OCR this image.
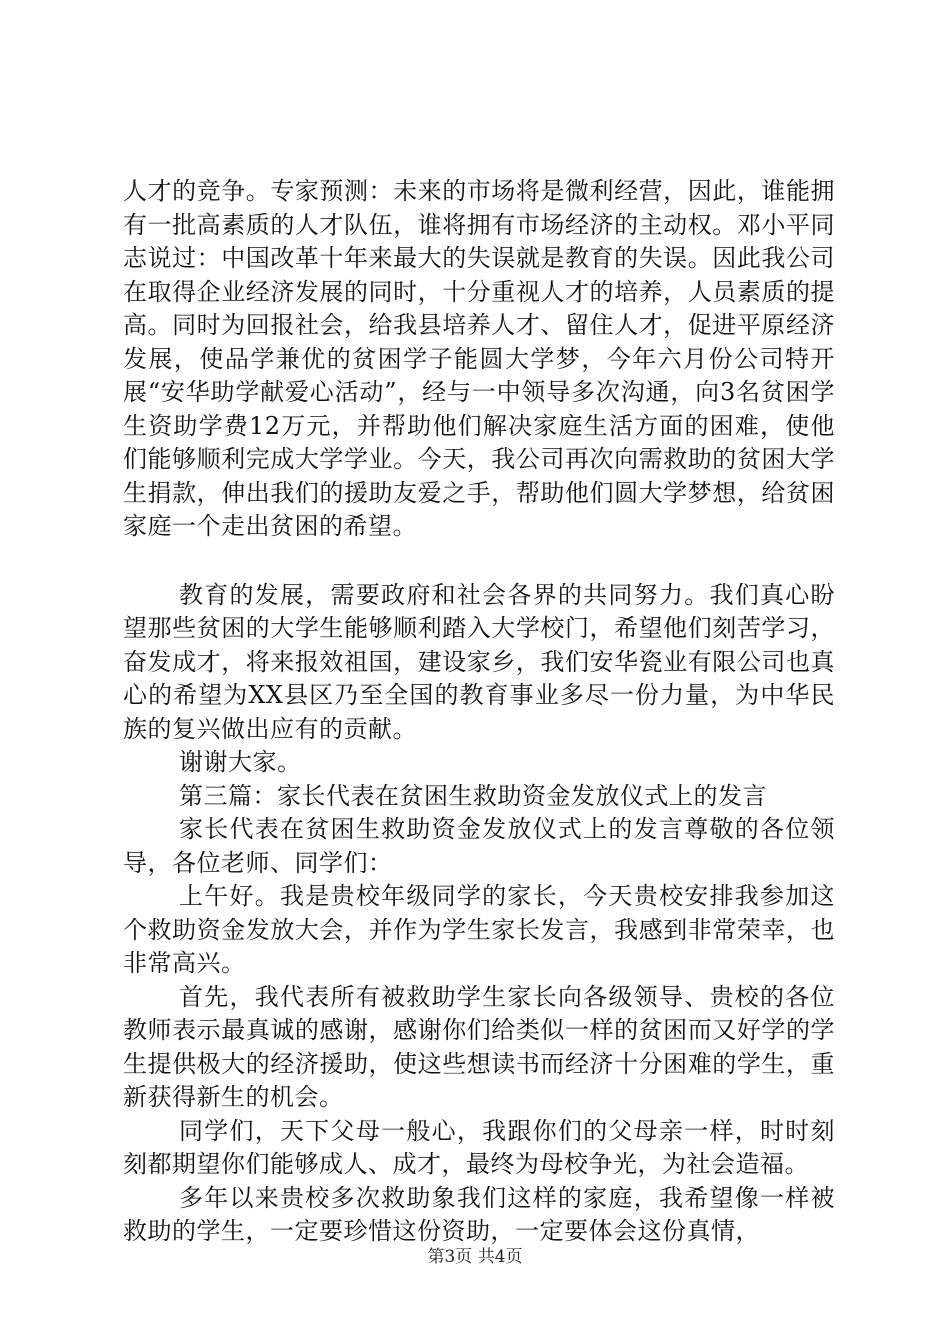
人才的竞争。专家预测：未来的市场将是微利经营，因此，谁能拥有一批高素质的人才队伍，谁将拥有市场经济的主动权。邓小平同志说过：中国改革十年来最大的失误就是教育的失误。因此我公司在取得企业经济发展的同时，十分重视人才的培养，人员素质的提高。同时为回报社会，给我县培养人才、留住人才，促进平原经济发展，使品学兼优的贫困学子能圆大学梦，今年六月份公司特开展“安华助学献爱心活动”，经与一中领导多次沟通，向3名贫困学生资助学费12万元，并帮助他们解决家庭生活方面的困难，使他们能够顺利完成大学学业。今天，我公司再次向需救助的贫困大学生捐款，伸出我们的援助友爱之手，帮助他们圆大学梦想，给贫困家庭一个走出贫困的希望。

教育的发展，需要政府和社会各界的共同努力。我们真心盼望那些贫困的大学生能够顺利踏入大学校门，希望他们刻苦学习，奋发成才，将来报效祖国，建设家乡，我们安华瓷业有限公司也真心的希望为XX县区乃至全国的教育事业多尽一份力量，为中华民族的复兴做出应有的贡献。

谢谢大家。

第三篇：家长代表在贫困生救助资金发放仪式上的发言

家长代表在贫困生救助资金发放仪式上的发言尊敬的各位领导，各位老师、同学们：

上午好。我是贵校年级同学的家长，今天贵校安排我参加这个救助资金发放大会，并作为学生家长发言，我感到非常荣幸，也非常高兴。

首先，我代表所有被救助学生家长向各级领导、贵校的各位教师表示最真诚的感谢，感谢你们给类似一样的贫困而又好学的学生提供极大的经济援助，使这些想读书而经济十分困难的学生，重新获得新生的机会。

同学们，天下父母一般心，我跟你们的父母亲一样，时时刻刻都期望你们能够成人、成才，最终为母校争光，为社会造福。

多年以来贵校多次救助象我们这样的家庭，我希望像一样被救助的学生，一定要珍惜这份资助，一定要体会这份真情，

第3页 共4页
